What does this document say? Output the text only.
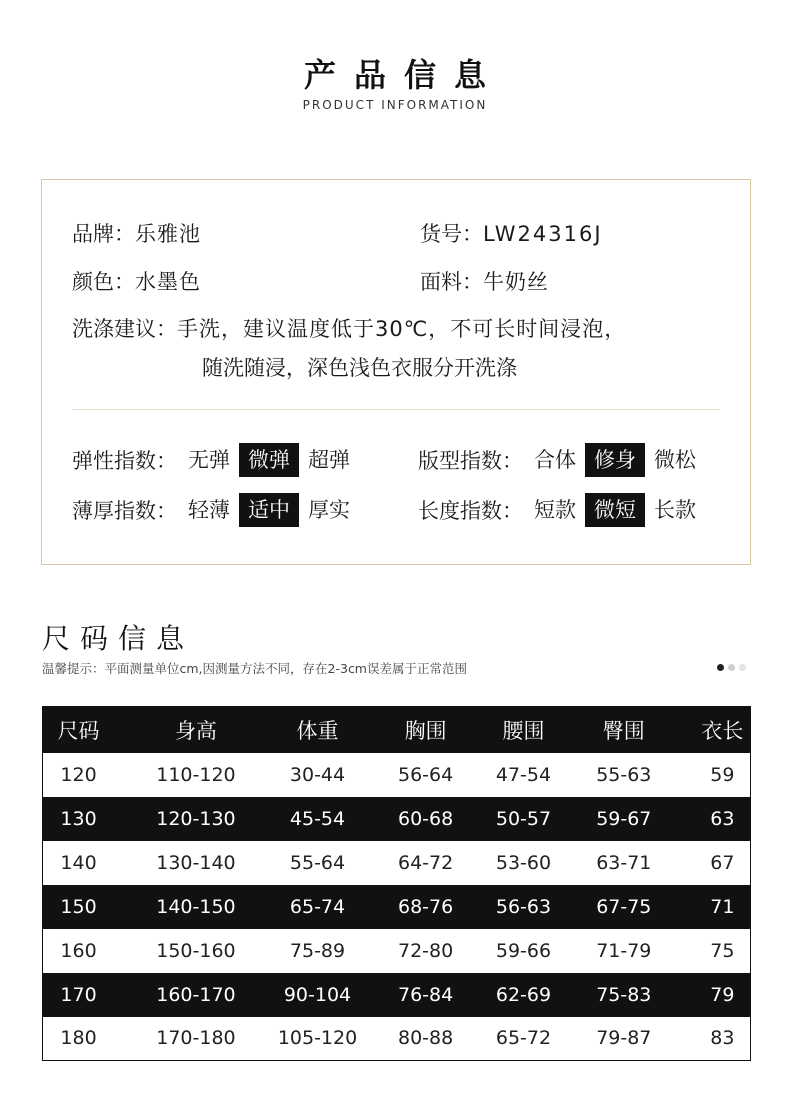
产品信息
PRODUCT INFORMATION
品牌：乐雅池	货号：LW24316J
颜色：水墨色	面料：牛奶丝
洗涤建议：手洗，建议温度低于30℃，不可长时间浸泡，
随洗随浸，深色浅色衣服分开洗涤
弹性指数： 无弹 微弹 超弹	版型指数： 合体 修身 微松
薄厚指数： 轻薄 适中 厚实	长度指数： 短款 微短 长款
尺码信息
温馨提示：平面测量单位cm,因测量方法不同，存在2-3cm误差属于正常范围
尺码	身高	体重	胸围	腰围	臀围	衣长
120	110-120	30-44	56-64	47-54	55-63	59
130	120-130	45-54	60-68	50-57	59-67	63
140	130-140	55-64	64-72	53-60	63-71	67
150	140-150	65-74	68-76	56-63	67-75	71
160	150-160	75-89	72-80	59-66	71-79	75
170	160-170	90-104	76-84	62-69	75-83	79
180	170-180	105-120	80-88	65-72	79-87	83
